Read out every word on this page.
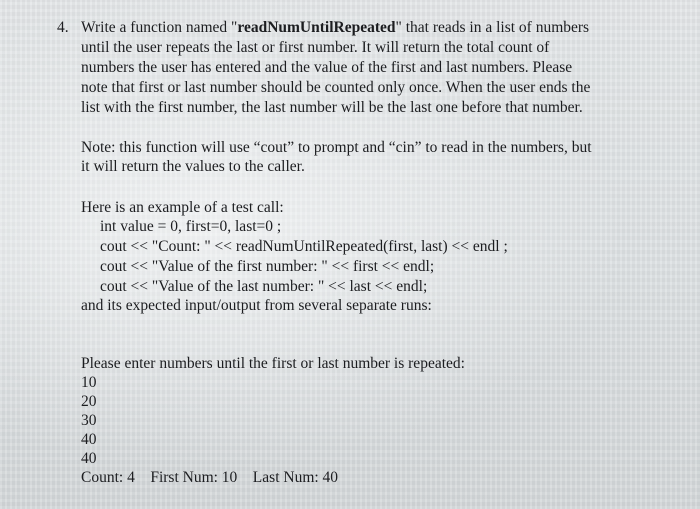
4. Write a function named "readNumUntilRepeated" that reads in a list of numbers
until the user repeats the last or first number. It will return the total count of
numbers the user has entered and the value of the first and last numbers. Please
note that first or last number should be counted only once. When the user ends the
list with the first number, the last number will be the last one before that number.
Note: this function will use “cout” to prompt and “cin” to read in the numbers, but
it will return the values to the caller.
Here is an example of a test call:
int value = 0, first=0, last=0 ;
cout << "Count: " << readNumUntilRepeated(first, last) << endl ;
cout << "Value of the first number: " << first << endl;
cout << "Value of the last number: " << last << endl;
and its expected input/output from several separate runs:
Please enter numbers until the first or last number is repeated:
10
20
30
40
40
Count: 4    First Num: 10    Last Num: 40
